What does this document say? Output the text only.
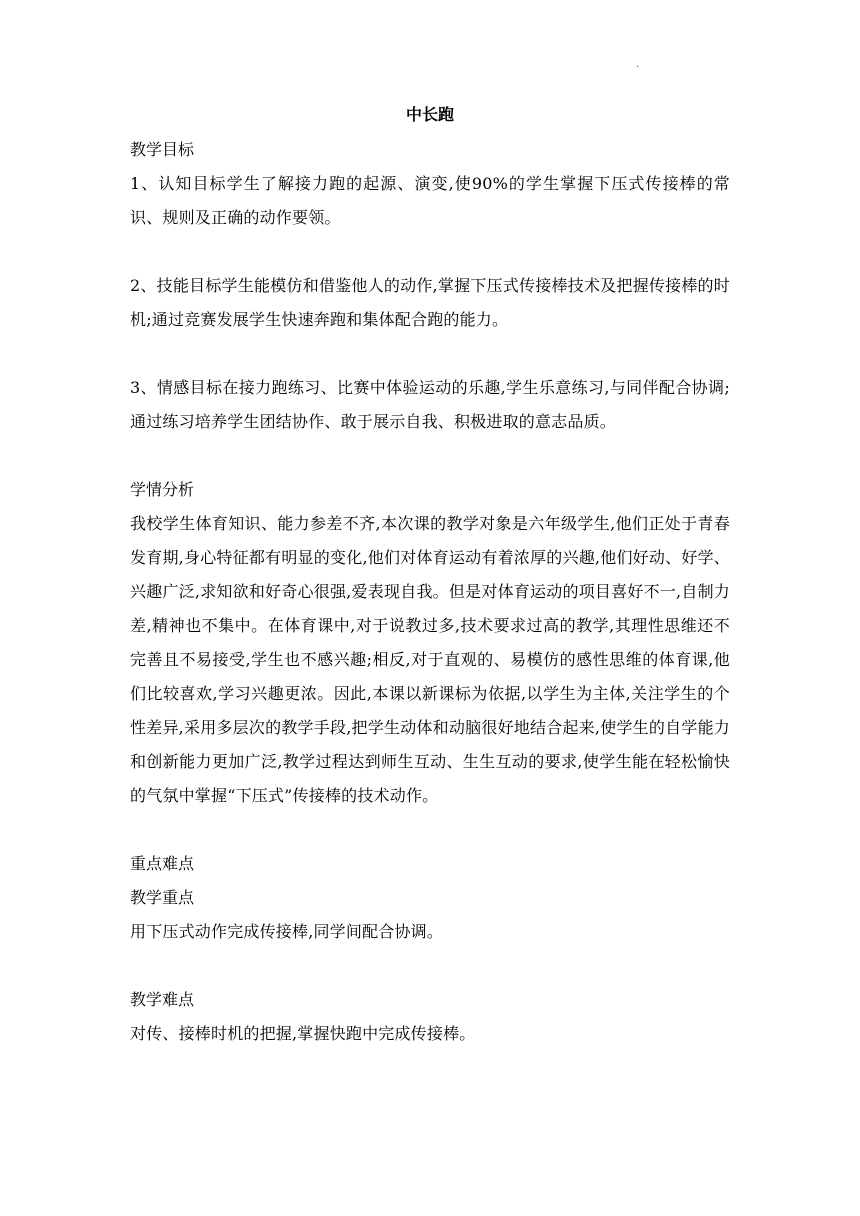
.
中长跑
教学目标
1、认知目标学生了解接力跑的起源、演变,使90%的学生掌握下压式传接棒的常识、规则及正确的动作要领。
2、技能目标学生能模仿和借鉴他人的动作,掌握下压式传接棒技术及把握传接棒的时机;通过竞赛发展学生快速奔跑和集体配合跑的能力。
3、情感目标在接力跑练习、比赛中体验运动的乐趣,学生乐意练习,与同伴配合协调;通过练习培养学生团结协作、敢于展示自我、积极进取的意志品质。
学情分析
我校学生体育知识、能力参差不齐,本次课的教学对象是六年级学生,他们正处于青春发育期,身心特征都有明显的变化,他们对体育运动有着浓厚的兴趣,他们好动、好学、兴趣广泛,求知欲和好奇心很强,爱表现自我。但是对体育运动的项目喜好不一,自制力差,精神也不集中。在体育课中,对于说教过多,技术要求过高的教学,其理性思维还不完善且不易接受,学生也不感兴趣;相反,对于直观的、易模仿的感性思维的体育课,他们比较喜欢,学习兴趣更浓。因此,本课以新课标为依据,以学生为主体,关注学生的个性差异,采用多层次的教学手段,把学生动体和动脑很好地结合起来,使学生的自学能力和创新能力更加广泛,教学过程达到师生互动、生生互动的要求,使学生能在轻松愉快的气氛中掌握“下压式”传接棒的技术动作。
重点难点
教学重点
用下压式动作完成传接棒,同学间配合协调。
教学难点
对传、接棒时机的把握,掌握快跑中完成传接棒。
